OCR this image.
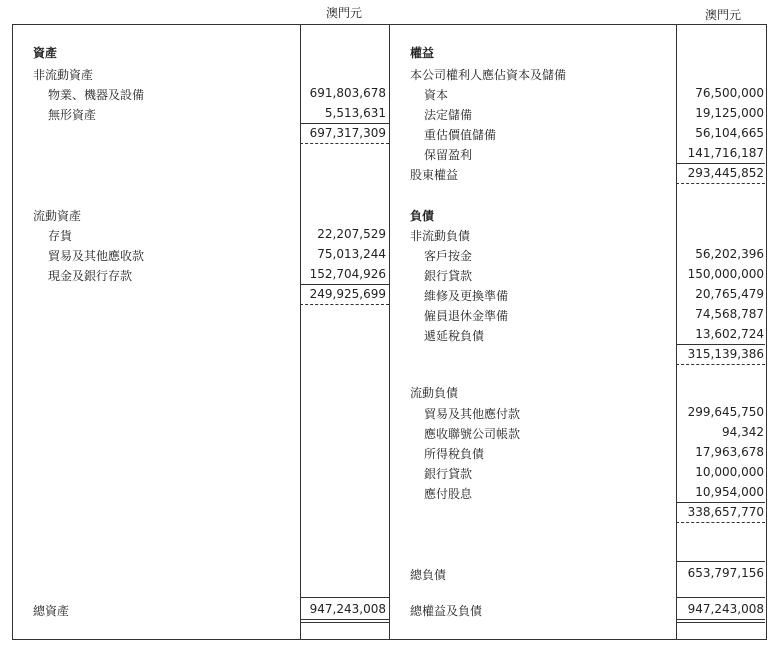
澳門元	澳門元
資產
非流動資產
物業、機器及設備	691,803,678
無形資產	5,513,631
697,317,309
流動資產
存貨	22,207,529
貿易及其他應收款	75,013,244
現金及銀行存款	152,704,926
249,925,699
總資產	947,243,008
權益
本公司權利人應佔資本及儲備
資本	76,500,000
法定儲備	19,125,000
重估價值儲備	56,104,665
保留盈利	141,716,187
股東權益	293,445,852
負債
非流動負債
客戶按金	56,202,396
銀行貸款	150,000,000
維修及更換準備	20,765,479
僱員退休金準備	74,568,787
遞延稅負債	13,602,724
315,139,386
流動負債
貿易及其他應付款	299,645,750
應收聯號公司帳款	94,342
所得稅負債	17,963,678
銀行貸款	10,000,000
應付股息	10,954,000
338,657,770
總負債	653,797,156
總權益及負債	947,243,008
